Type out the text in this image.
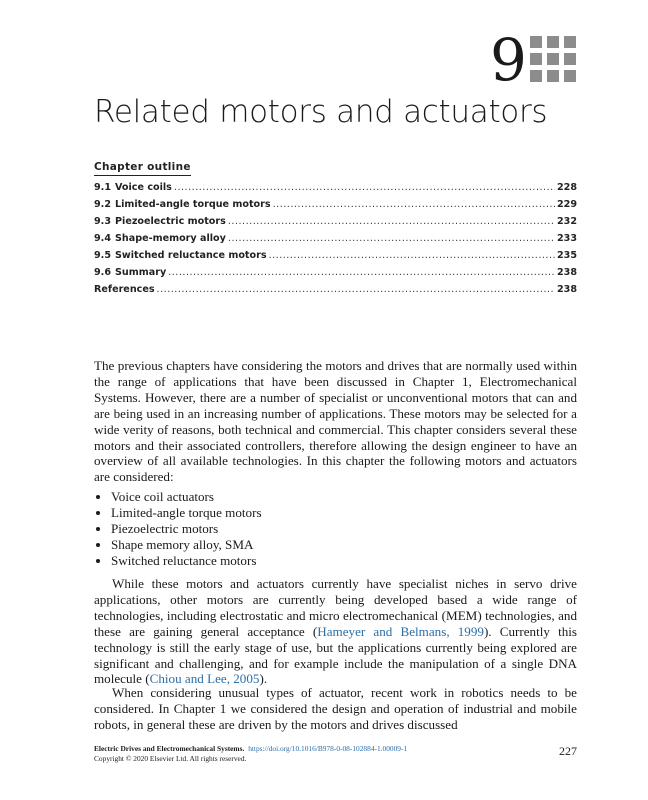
9
Related motors and actuators
Chapter outline
9.1 Voice coils .....	228
9.2 Limited-angle torque motors .....	229
9.3 Piezoelectric motors .....	232
9.4 Shape-memory alloy .....	233
9.5 Switched reluctance motors .....	235
9.6 Summary .....	238
References .....	238

The previous chapters have considering the motors and drives that are normally used within the range of applications that have been discussed in Chapter 1, Electromechanical Systems. However, there are a number of specialist or unconventional motors that can and are being used in an increasing number of applications. These motors may be selected for a wide verity of reasons, both technical and commercial. This chapter considers several these motors and their associated controllers, therefore allowing the design engineer to have an overview of all available technologies. In this chapter the following motors and actuators are considered:

Voice coil actuators
Limited-angle torque motors
Piezoelectric motors
Shape memory alloy, SMA
Switched reluctance motors

While these motors and actuators currently have specialist niches in servo drive applications, other motors are currently being developed based a wide range of technologies, including electrostatic and micro electromechanical (MEM) technologies, and these are gaining general acceptance (Hameyer and Belmans, 1999). Currently this technology is still the early stage of use, but the applications currently being explored are significant and challenging, and for example include the manipulation of a single DNA molecule (Chiou and Lee, 2005).

When considering unusual types of actuator, recent work in robotics needs to be considered. In Chapter 1 we considered the design and operation of industrial and mobile robots, in general these are driven by the motors and drives discussed

Electric Drives and Electromechanical Systems. https://doi.org/10.1016/B978-0-08-102884-1.00009-1
Copyright © 2020 Elsevier Ltd. All rights reserved.
227
